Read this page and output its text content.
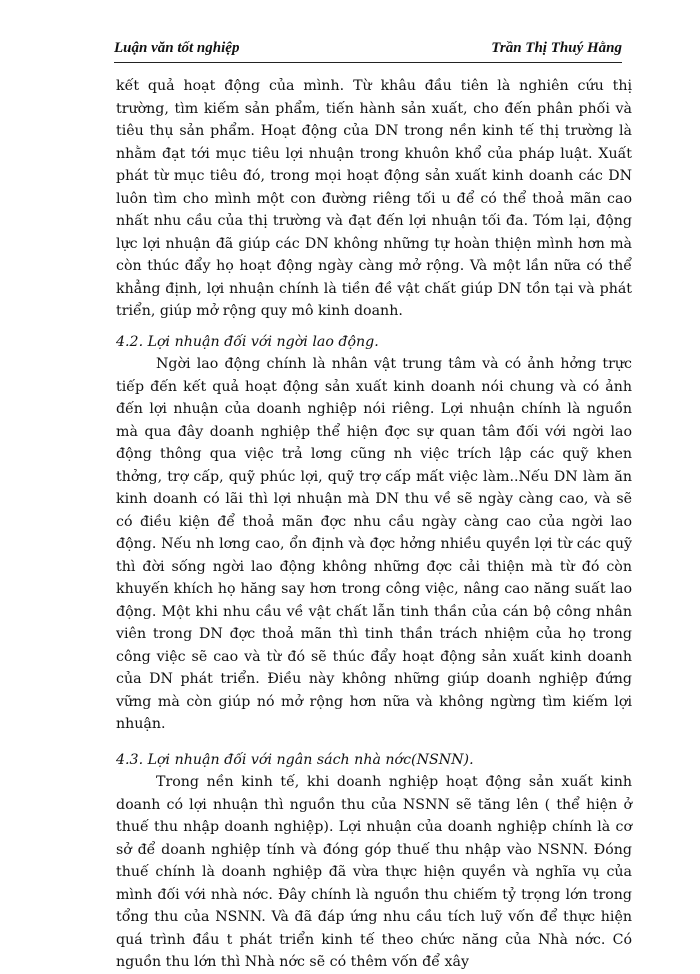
Luận văn tốt nghiệp	Trần Thị Thuý Hằng

kết quả hoạt động của mình. Từ khâu đầu tiên là nghiên cứu thị trường, tìm kiếm sản phẩm, tiến hành sản xuất, cho đến phân phối và tiêu thụ sản phẩm. Hoạt động của DN trong nền kinh tế thị trường là nhằm đạt tới mục tiêu lợi nhuận trong khuôn khổ của pháp luật. Xuất phát từ mục tiêu đó, trong mọi hoạt động sản xuất kinh doanh các DN luôn tìm cho mình một con đường riêng tối u để có thể thoả mãn cao nhất nhu cầu của thị trường và đạt đến lợi nhuận tối đa. Tóm lại, động lực lợi nhuận đã giúp các DN không những tự hoàn thiện mình hơn mà còn thúc đẩy họ hoạt động ngày càng mở rộng. Và một lần nữa có thể khẳng định, lợi nhuận chính là tiền đề vật chất giúp DN tồn tại và phát triển, giúp mở rộng quy mô kinh doanh.

4.2. Lợi nhuận đối với ngời lao động.

Ngời lao động chính là nhân vật trung tâm và có ảnh hởng trực tiếp đến kết quả hoạt động sản xuất kinh doanh nói chung và có ảnh đến lợi nhuận của doanh nghiệp nói riêng. Lợi nhuận chính là nguồn mà qua đây doanh nghiệp thể hiện đợc sự quan tâm đối với ngời lao động thông qua việc trả lơng cũng nh việc trích lập các quỹ khen thởng, trợ cấp, quỹ phúc lợi, quỹ trợ cấp mất việc làm..Nếu DN làm ăn kinh doanh có lãi thì lợi nhuận mà DN thu về sẽ ngày càng cao, và sẽ có điều kiện để thoả mãn đợc nhu cầu ngày càng cao của ngời lao động. Nếu nh lơng cao, ổn định và đợc hởng nhiều quyền lợi từ các quỹ thì đời sống ngời lao động không những đợc cải thiện mà từ đó còn khuyến khích họ hăng say hơn trong công việc, nâng cao năng suất lao động. Một khi nhu cầu về vật chất lẫn tinh thần của cán bộ công nhân viên trong DN đợc thoả mãn thì tinh thần trách nhiệm của họ trong công việc sẽ cao và từ đó sẽ thúc đẩy hoạt động sản xuất kinh doanh của DN phát triển. Điều này không những giúp doanh nghiệp đứng vững mà còn giúp nó mở rộng hơn nữa và không ngừng tìm kiếm lợi nhuận.

4.3. Lợi nhuận đối với ngân sách nhà nớc(NSNN).

Trong nền kinh tế, khi doanh nghiệp hoạt động sản xuất kinh doanh có lợi nhuận thì nguồn thu của NSNN sẽ tăng lên ( thể hiện ở thuế thu nhập doanh nghiệp). Lợi nhuận của doanh nghiệp chính là cơ sở để doanh nghiệp tính và đóng góp thuế thu nhập vào NSNN. Đóng thuế chính là doanh nghiệp đã vừa thực hiện quyền và nghĩa vụ của mình đối với nhà nớc. Đây chính là nguồn thu chiếm tỷ trọng lớn trong tổng thu của NSNN. Và đã đáp ứng nhu cầu tích luỹ vốn để thực hiện quá trình đầu t phát triển kinh tế theo chức năng của Nhà nớc. Có nguồn thu lớn thì Nhà nớc sẽ có thêm vốn để xây
